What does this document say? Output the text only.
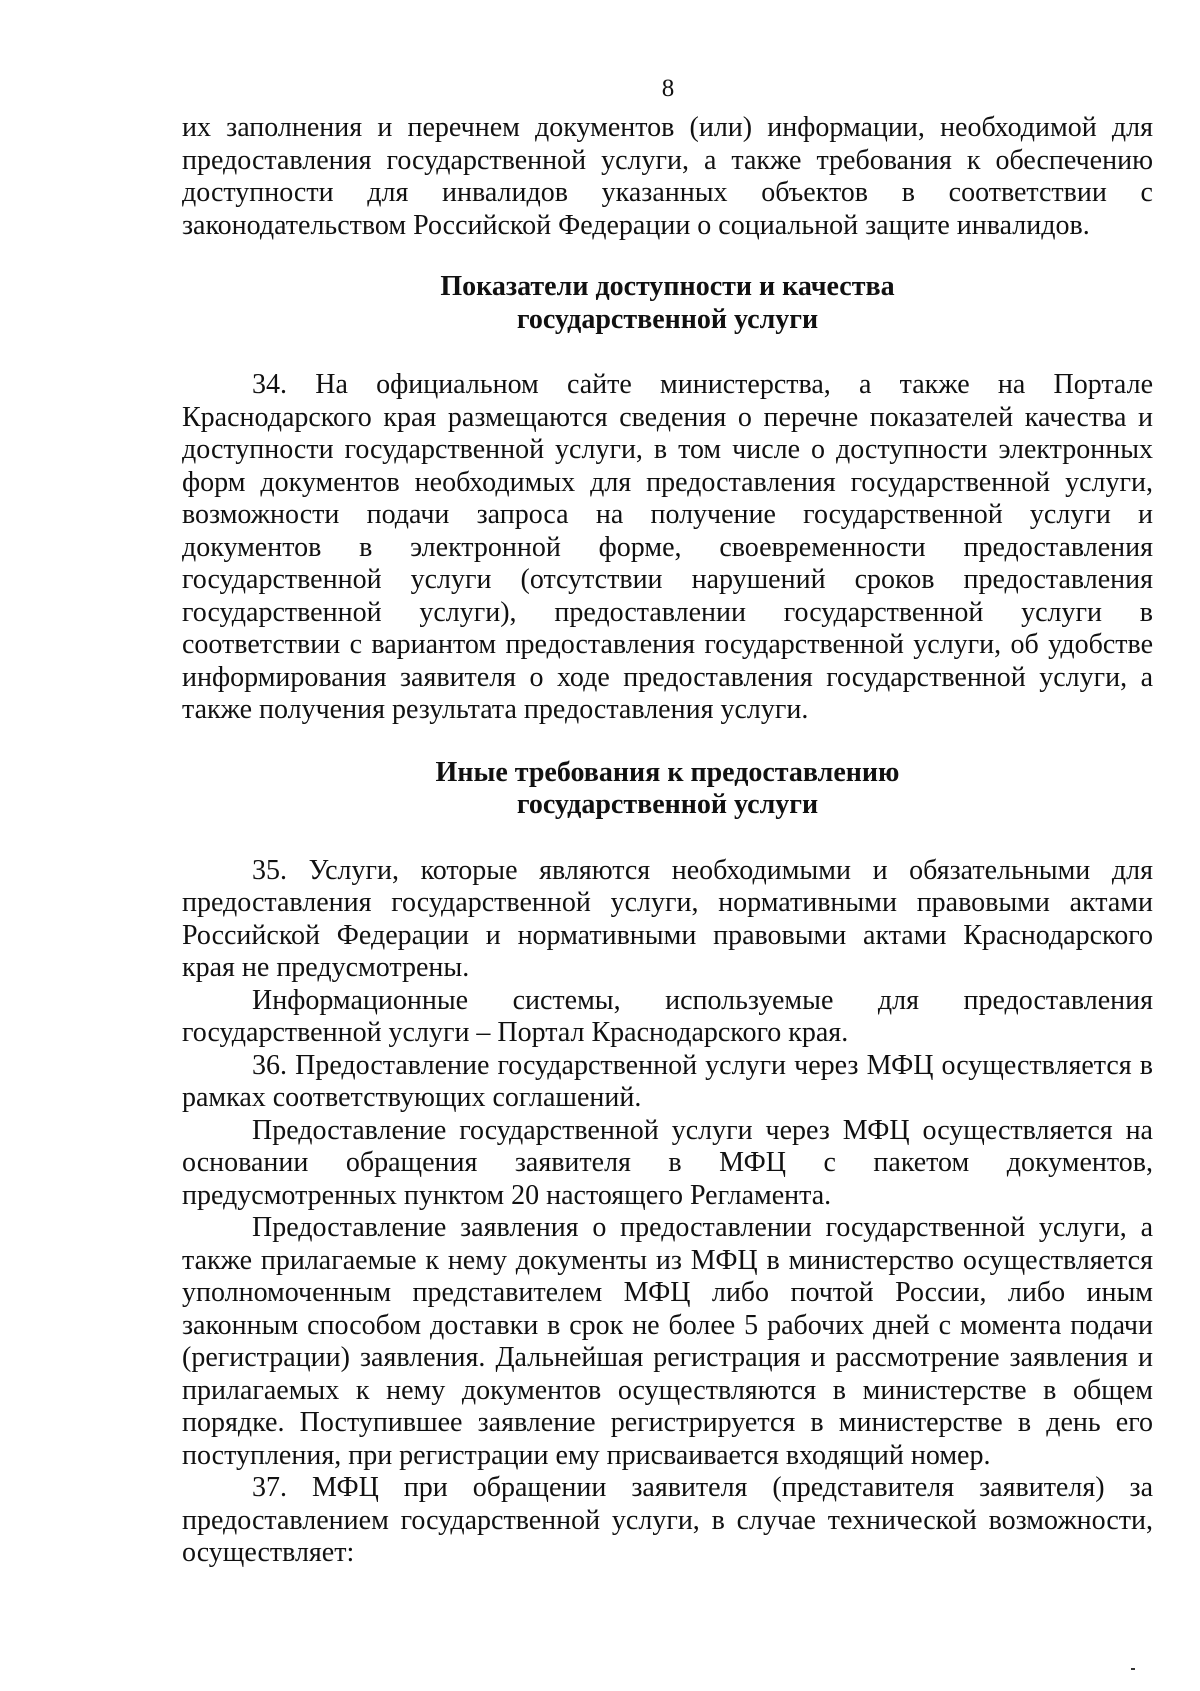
8

их заполнения и перечнем документов (или) информации, необходимой для предоставления государственной услуги, а также требования к обеспечению доступности для инвалидов указанных объектов в соответствии с законодательством Российской Федерации о социальной защите инвалидов.

Показатели доступности и качества
государственной услуги

34. На официальном сайте министерства, а также на Портале Краснодарского края размещаются сведения о перечне показателей качества и доступности государственной услуги, в том числе о доступности электронных форм документов необходимых для предоставления государственной услуги, возможности подачи запроса на получение государственной услуги и документов в электронной форме, своевременности предоставления государственной услуги (отсутствии нарушений сроков предоставления государственной услуги), предоставлении государственной услуги в соответствии с вариантом предоставления государственной услуги, об удобстве информирования заявителя о ходе предоставления государственной услуги, а также получения результата предоставления услуги.

Иные требования к предоставлению
государственной услуги

35. Услуги, которые являются необходимыми и обязательными для предоставления государственной услуги, нормативными правовыми актами Российской Федерации и нормативными правовыми актами Краснодарского края не предусмотрены.

Информационные системы, используемые для предоставления государственной услуги – Портал Краснодарского края.

36. Предоставление государственной услуги через МФЦ осуществляется в рамках соответствующих соглашений.

Предоставление государственной услуги через МФЦ осуществляется на основании обращения заявителя в МФЦ с пакетом документов, предусмотренных пунктом 20 настоящего Регламента.

Предоставление заявления о предоставлении государственной услуги, а также прилагаемые к нему документы из МФЦ в министерство осуществляется уполномоченным представителем МФЦ либо почтой России, либо иным законным способом доставки в срок не более 5 рабочих дней с момента подачи (регистрации) заявления. Дальнейшая регистрация и рассмотрение заявления и прилагаемых к нему документов осуществляются в министерстве в общем порядке. Поступившее заявление регистрируется в министерстве в день его поступления, при регистрации ему присваивается входящий номер.

37. МФЦ при обращении заявителя (представителя заявителя) за предоставлением государственной услуги, в случае технической возможности, осуществляет:
